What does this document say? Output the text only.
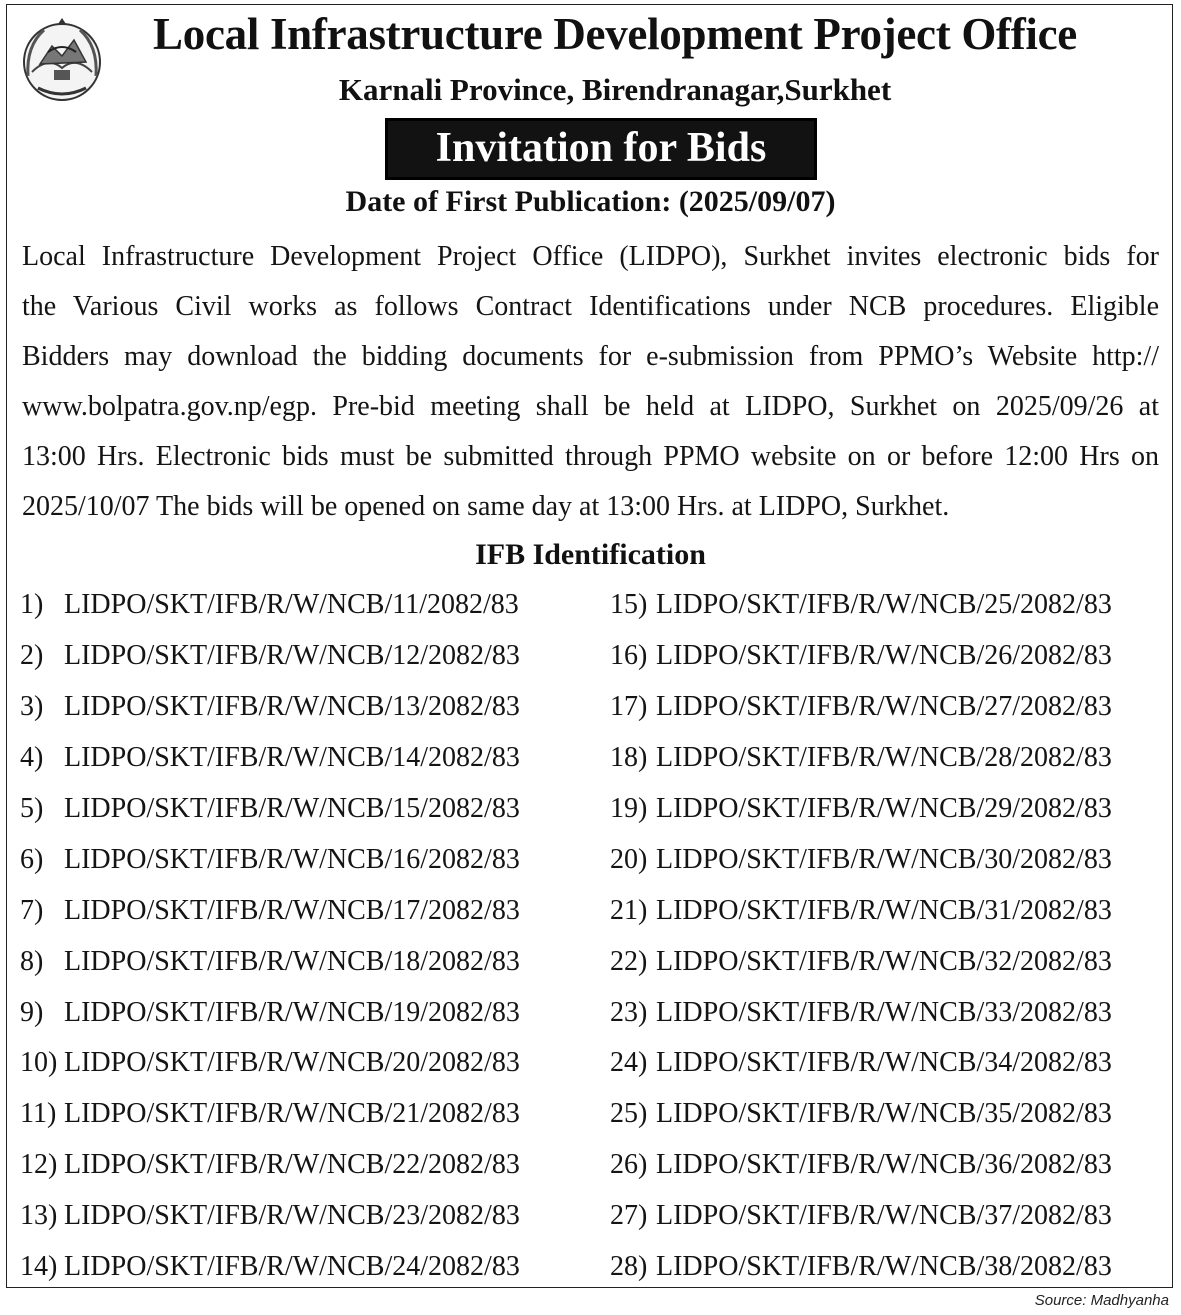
Local Infrastructure Development Project Office
Karnali Province, Birendranagar,Surkhet
Invitation for Bids
Date of First Publication: (2025/09/07)
Local Infrastructure Development Project Office (LIDPO), Surkhet invites electronic bids for
the Various Civil works as follows Contract Identifications under NCB procedures. Eligible
Bidders may download the bidding documents for e-submission from PPMO’s Website http://
www.bolpatra.gov.np/egp. Pre-bid meeting shall be held at LIDPO, Surkhet on 2025/09/26 at
13:00 Hrs. Electronic bids must be submitted through PPMO website on or before 12:00 Hrs on
2025/10/07 The bids will be opened on same day at 13:00 Hrs. at LIDPO, Surkhet.
IFB Identification
1) LIDPO/SKT/IFB/R/W/NCB/11/2082/83
2) LIDPO/SKT/IFB/R/W/NCB/12/2082/83
3) LIDPO/SKT/IFB/R/W/NCB/13/2082/83
4) LIDPO/SKT/IFB/R/W/NCB/14/2082/83
5) LIDPO/SKT/IFB/R/W/NCB/15/2082/83
6) LIDPO/SKT/IFB/R/W/NCB/16/2082/83
7) LIDPO/SKT/IFB/R/W/NCB/17/2082/83
8) LIDPO/SKT/IFB/R/W/NCB/18/2082/83
9) LIDPO/SKT/IFB/R/W/NCB/19/2082/83
10) LIDPO/SKT/IFB/R/W/NCB/20/2082/83
11) LIDPO/SKT/IFB/R/W/NCB/21/2082/83
12) LIDPO/SKT/IFB/R/W/NCB/22/2082/83
13) LIDPO/SKT/IFB/R/W/NCB/23/2082/83
14) LIDPO/SKT/IFB/R/W/NCB/24/2082/83
15) LIDPO/SKT/IFB/R/W/NCB/25/2082/83
16) LIDPO/SKT/IFB/R/W/NCB/26/2082/83
17) LIDPO/SKT/IFB/R/W/NCB/27/2082/83
18) LIDPO/SKT/IFB/R/W/NCB/28/2082/83
19) LIDPO/SKT/IFB/R/W/NCB/29/2082/83
20) LIDPO/SKT/IFB/R/W/NCB/30/2082/83
21) LIDPO/SKT/IFB/R/W/NCB/31/2082/83
22) LIDPO/SKT/IFB/R/W/NCB/32/2082/83
23) LIDPO/SKT/IFB/R/W/NCB/33/2082/83
24) LIDPO/SKT/IFB/R/W/NCB/34/2082/83
25) LIDPO/SKT/IFB/R/W/NCB/35/2082/83
26) LIDPO/SKT/IFB/R/W/NCB/36/2082/83
27) LIDPO/SKT/IFB/R/W/NCB/37/2082/83
28) LIDPO/SKT/IFB/R/W/NCB/38/2082/83
Source: Madhyanha
